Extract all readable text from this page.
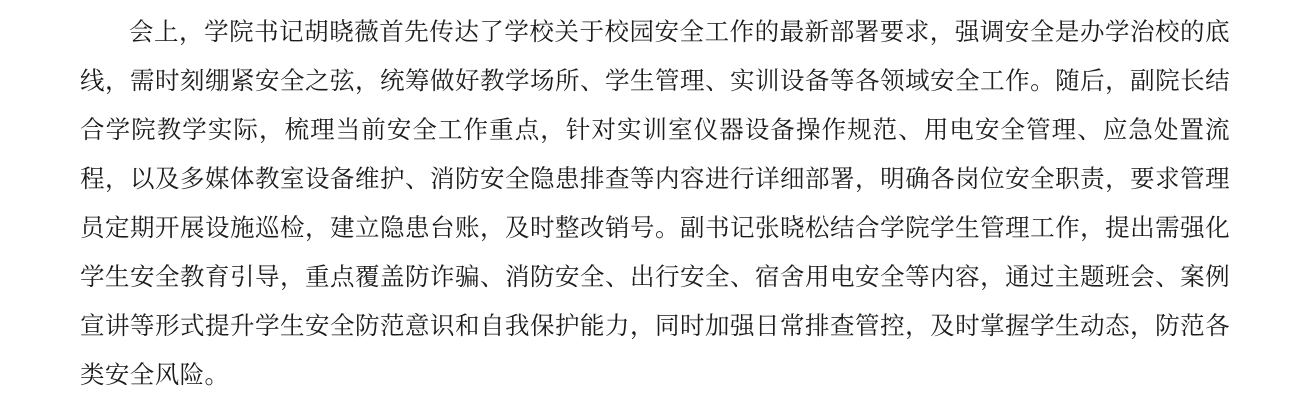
会上，学院书记胡晓薇首先传达了学校关于校园安全工作的最新部署要求，强调安全是办学治校的底线，需时刻绷紧安全之弦，统筹做好教学场所、学生管理、实训设备等各领域安全工作。随后，副院长结合学院教学实际，梳理当前安全工作重点，针对实训室仪器设备操作规范、用电安全管理、应急处置流程，以及多媒体教室设备维护、消防安全隐患排查等内容进行详细部署，明确各岗位安全职责，要求管理员定期开展设施巡检，建立隐患台账，及时整改销号。副书记张晓松结合学院学生管理工作，提出需强化学生安全教育引导，重点覆盖防诈骗、消防安全、出行安全、宿舍用电安全等内容，通过主题班会、案例宣讲等形式提升学生安全防范意识和自我保护能力，同时加强日常排查管控，及时掌握学生动态，防范各类安全风险。
